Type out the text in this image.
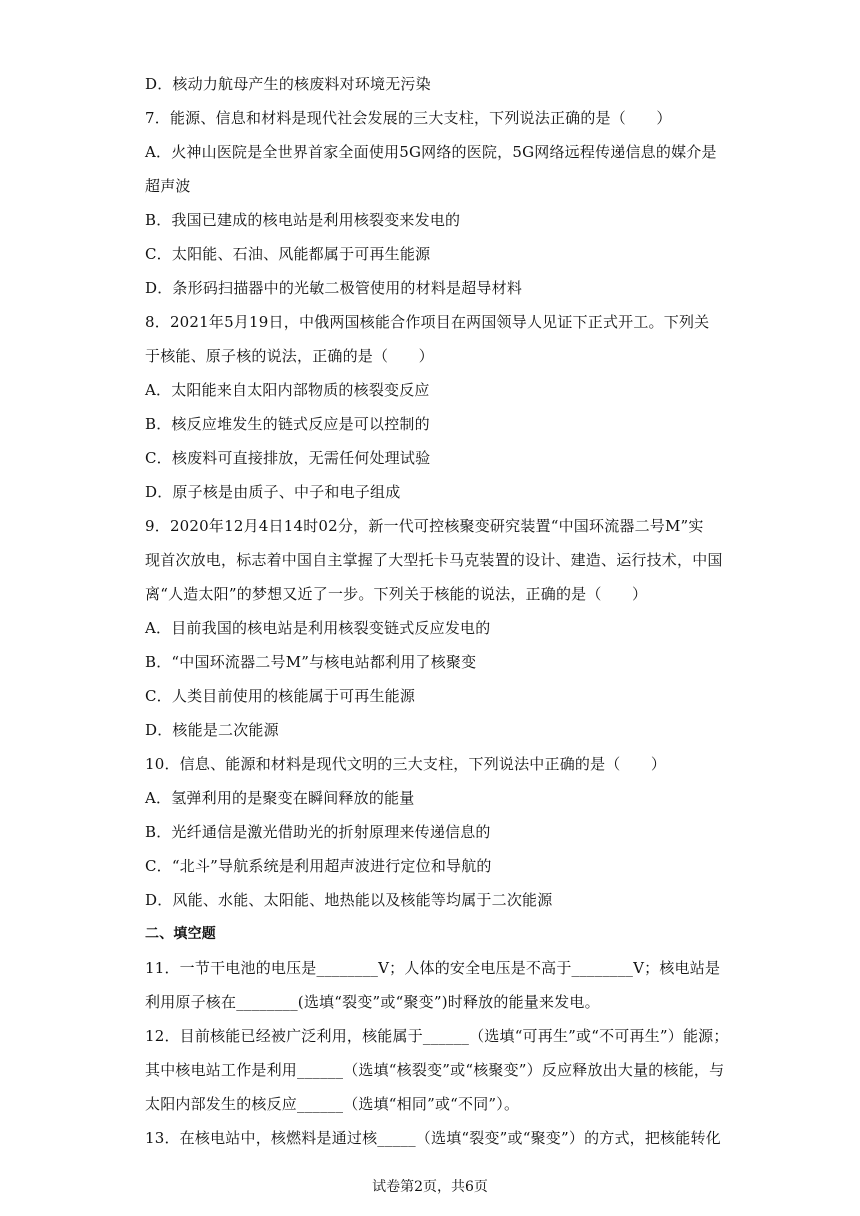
D．核动力航母产生的核废料对环境无污染
7．能源、信息和材料是现代社会发展的三大支柱，下列说法正确的是（　　）
A．火神山医院是全世界首家全面使用5G网络的医院，5G网络远程传递信息的媒介是
超声波
B．我国已建成的核电站是利用核裂变来发电的
C．太阳能、石油、风能都属于可再生能源
D．条形码扫描器中的光敏二极管使用的材料是超导材料
8．2021年5月19日，中俄两国核能合作项目在两国领导人见证下正式开工。下列关
于核能、原子核的说法，正确的是（　　）
A．太阳能来自太阳内部物质的核裂变反应
B．核反应堆发生的链式反应是可以控制的
C．核废料可直接排放，无需任何处理试验
D．原子核是由质子、中子和电子组成
9．2020年12月4日14时02分，新一代可控核聚变研究装置“中国环流器二号M”实
现首次放电，标志着中国自主掌握了大型托卡马克装置的设计、建造、运行技术，中国
离“人造太阳”的梦想又近了一步。下列关于核能的说法，正确的是（　　）
A．目前我国的核电站是利用核裂变链式反应发电的
B．“中国环流器二号M”与核电站都利用了核聚变
C．人类目前使用的核能属于可再生能源
D．核能是二次能源
10．信息、能源和材料是现代文明的三大支柱，下列说法中正确的是（　　）
A．氢弹利用的是聚变在瞬间释放的能量
B．光纤通信是激光借助光的折射原理来传递信息的
C．“北斗”导航系统是利用超声波进行定位和导航的
D．风能、水能、太阳能、地热能以及核能等均属于二次能源
二、填空题
11．一节干电池的电压是________V；人体的安全电压是不高于________V；核电站是
利用原子核在________(选填“裂变”或“聚变”)时释放的能量来发电。
12．目前核能已经被广泛利用，核能属于______（选填“可再生”或“不可再生”）能源；
其中核电站工作是利用______（选填“核裂变”或“核聚变”）反应释放出大量的核能，与
太阳内部发生的核反应______（选填“相同”或“不同”）。
13．在核电站中，核燃料是通过核_____（选填“裂变”或“聚变”）的方式，把核能转化
试卷第2页，共6页
